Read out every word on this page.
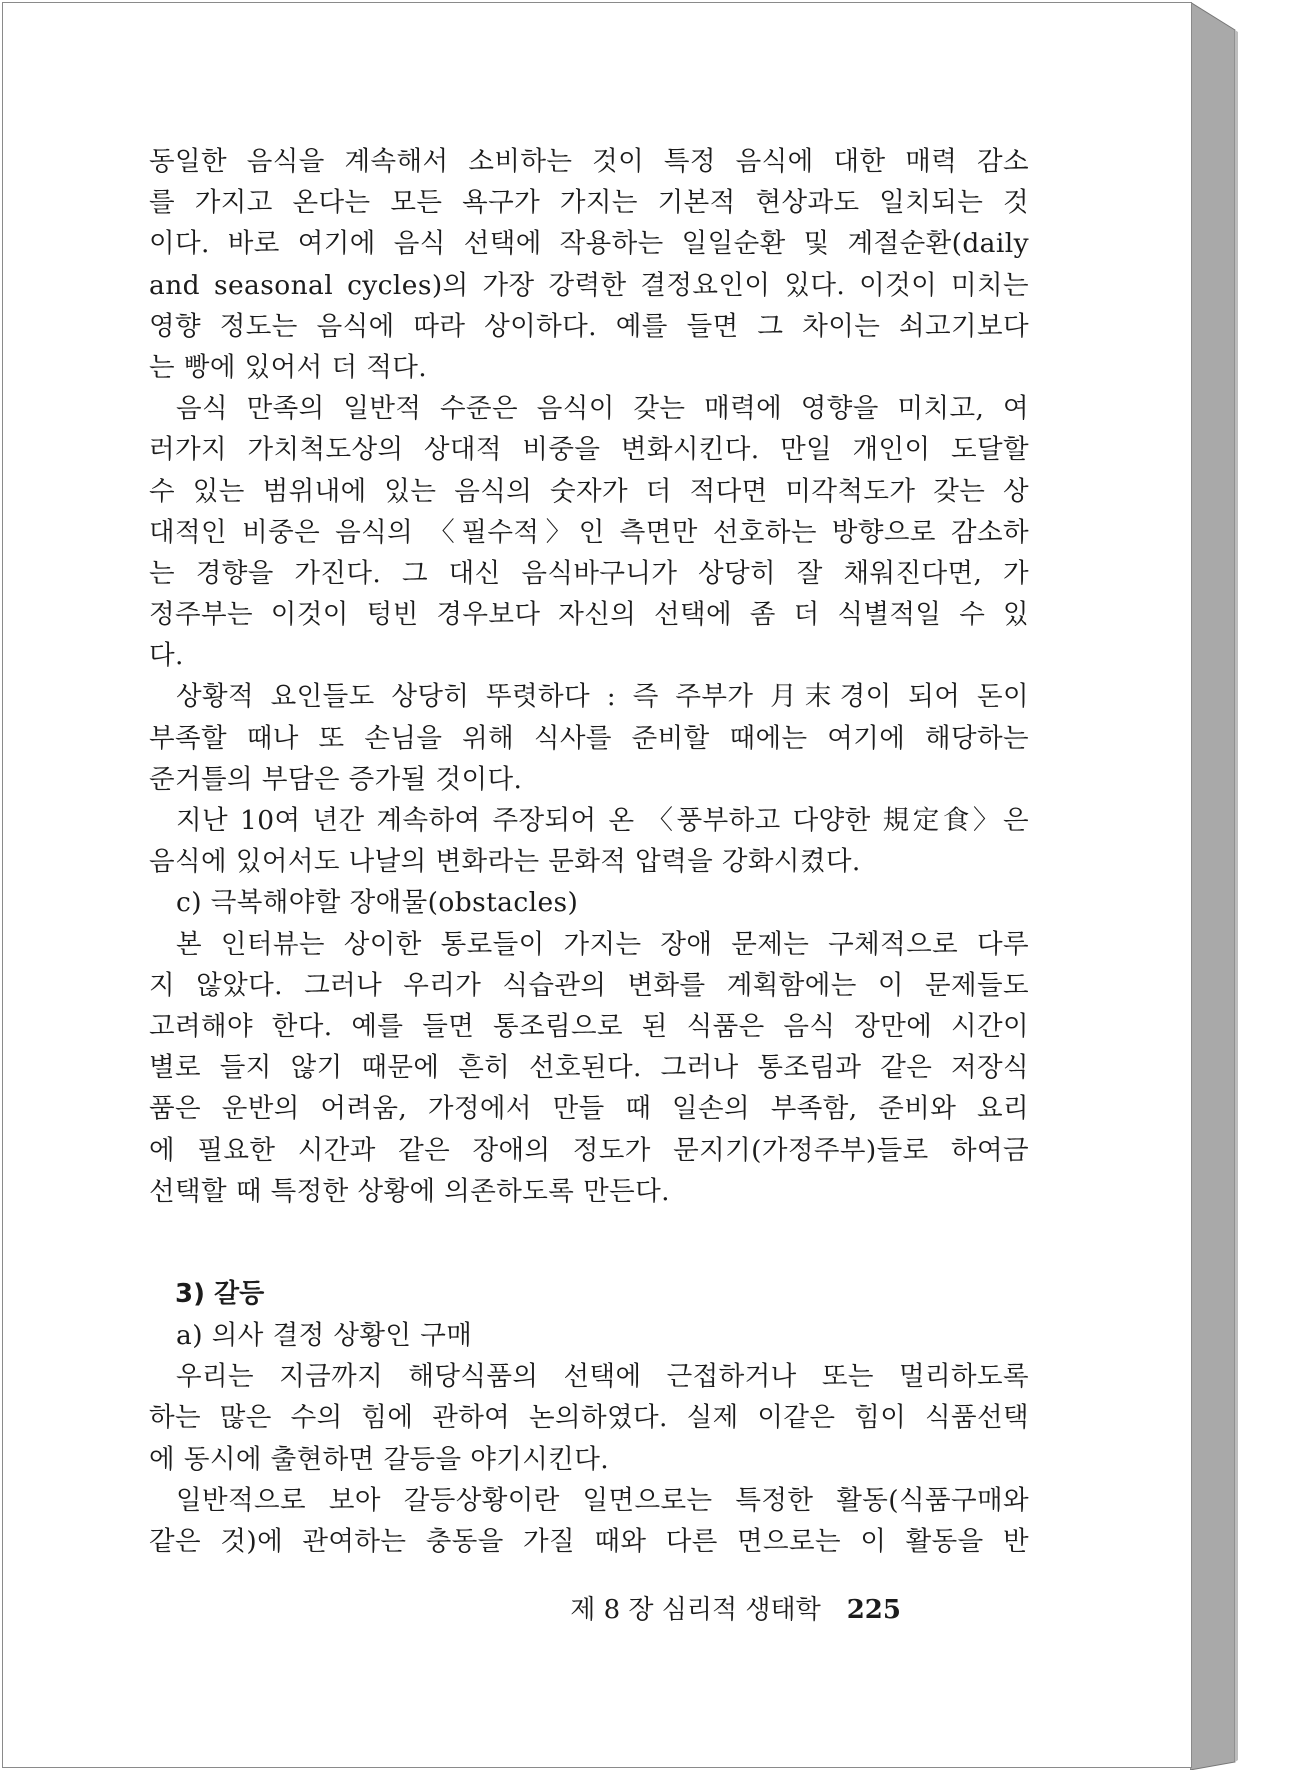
동일한 음식을 계속해서 소비하는 것이 특정 음식에 대한 매력 감소
를 가지고 온다는 모든 욕구가 가지는 기본적 현상과도 일치되는 것
이다. 바로 여기에 음식 선택에 작용하는 일일순환 및 계절순환(daily
and seasonal cycles)의 가장 강력한 결정요인이 있다. 이것이 미치는
영향 정도는 음식에 따라 상이하다. 예를 들면 그 차이는 쇠고기보다
는 빵에 있어서 더 적다.
음식 만족의 일반적 수준은 음식이 갖는 매력에 영향을 미치고, 여
러가지 가치척도상의 상대적 비중을 변화시킨다. 만일 개인이 도달할
수 있는 범위내에 있는 음식의 숫자가 더 적다면 미각척도가 갖는 상
대적인 비중은 음식의 〈필수적〉인 측면만 선호하는 방향으로 감소하
는 경향을 가진다. 그 대신 음식바구니가 상당히 잘 채워진다면, 가
정주부는 이것이 텅빈 경우보다 자신의 선택에 좀 더 식별적일 수 있
다.
상황적 요인들도 상당히 뚜렷하다 : 즉 주부가 月末경이 되어 돈이
부족할 때나 또 손님을 위해 식사를 준비할 때에는 여기에 해당하는
준거틀의 부담은 증가될 것이다.
지난 10여 년간 계속하여 주장되어 온 〈풍부하고 다양한 規定食〉은
음식에 있어서도 나날의 변화라는 문화적 압력을 강화시켰다.
c) 극복해야할 장애물(obstacles)
본 인터뷰는 상이한 통로들이 가지는 장애 문제는 구체적으로 다루
지 않았다. 그러나 우리가 식습관의 변화를 계획함에는 이 문제들도
고려해야 한다. 예를 들면 통조림으로 된 식품은 음식 장만에 시간이
별로 들지 않기 때문에 흔히 선호된다. 그러나 통조림과 같은 저장식
품은 운반의 어려움, 가정에서 만들 때 일손의 부족함, 준비와 요리
에 필요한 시간과 같은 장애의 정도가 문지기(가정주부)들로 하여금
선택할 때 특정한 상황에 의존하도록 만든다.
3) 갈등
a) 의사 결정 상황인 구매
우리는 지금까지 해당식품의 선택에 근접하거나 또는 멀리하도록
하는 많은 수의 힘에 관하여 논의하였다. 실제 이같은 힘이 식품선택
에 동시에 출현하면 갈등을 야기시킨다.
일반적으로 보아 갈등상황이란 일면으로는 특정한 활동(식품구매와
같은 것)에 관여하는 충동을 가질 때와 다른 면으로는 이 활동을 반
제 8 장 심리적 생태학 225
